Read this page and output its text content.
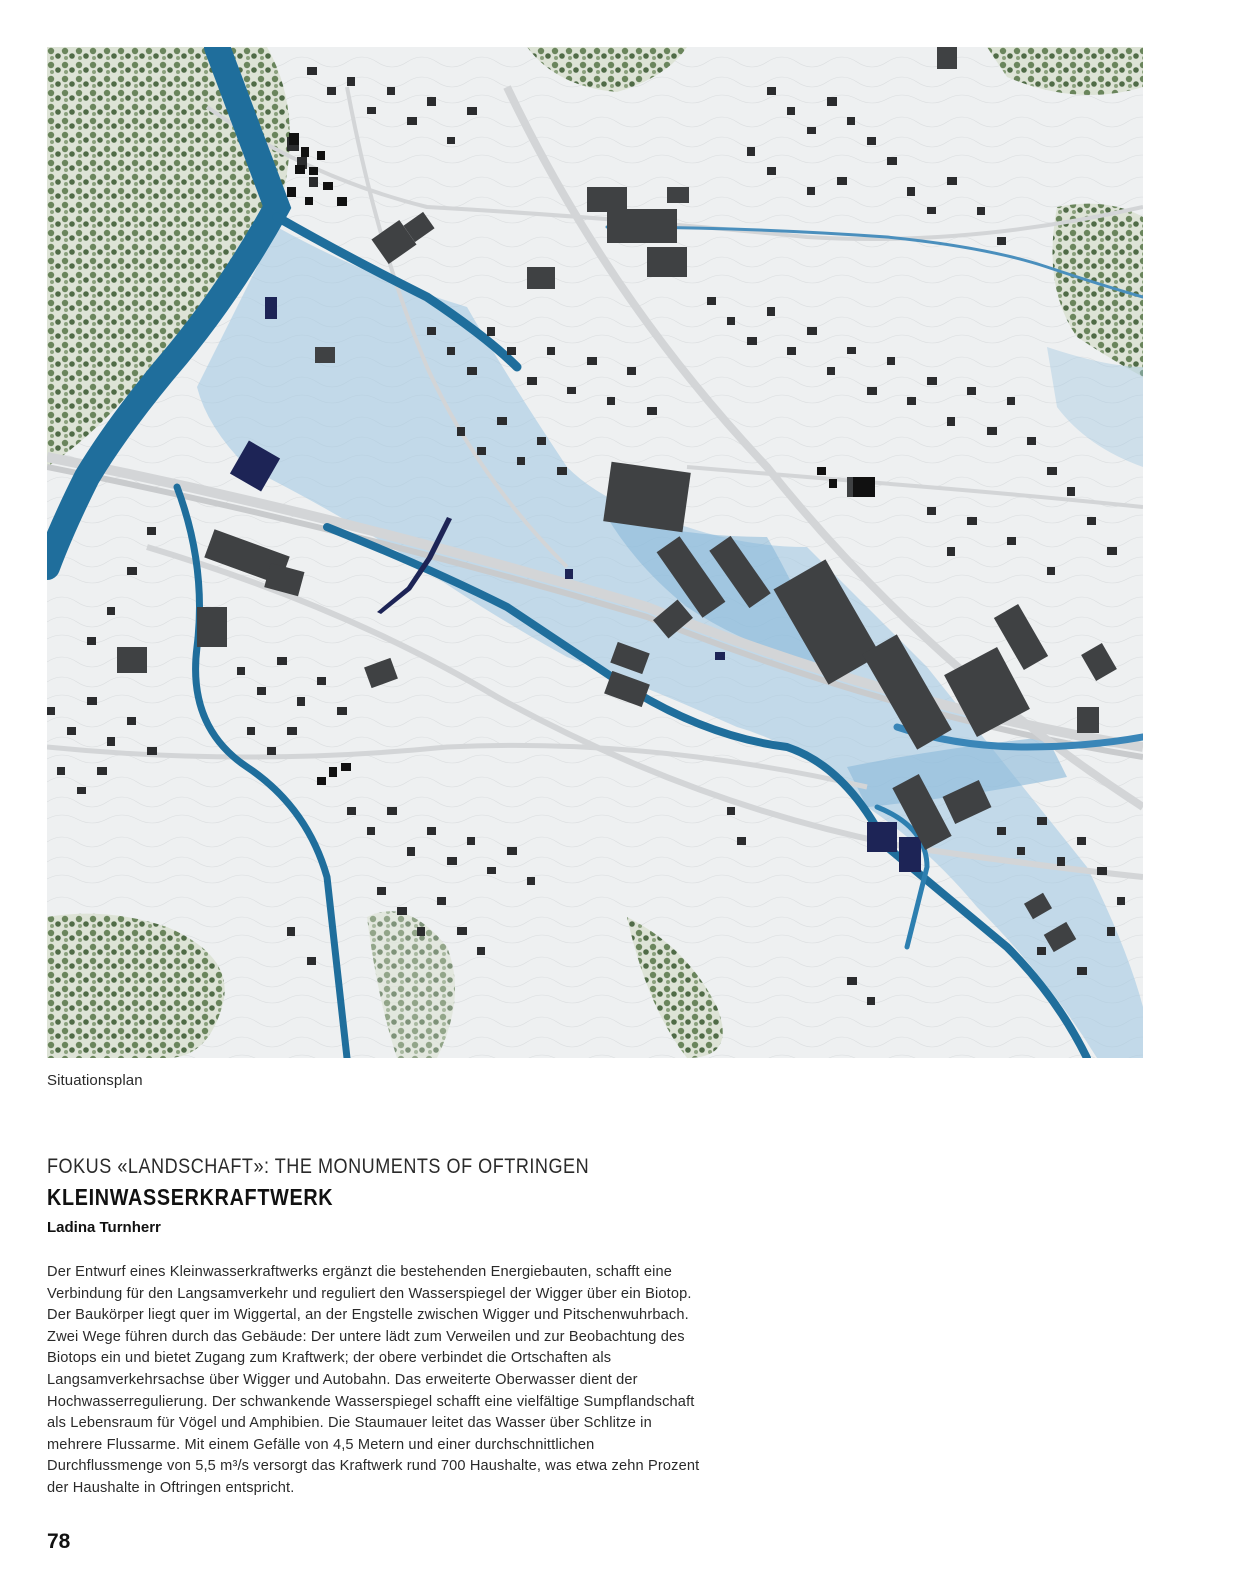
Situationsplan
FOKUS «LANDSCHAFT»: THE MONUMENTS OF OFTRINGEN
KLEINWASSERKRAFTWERK
Ladina Turnherr
Der Entwurf eines Kleinwasserkraftwerks ergänzt die bestehenden Energiebauten, schafft eine Verbindung für den Langsamverkehr und reguliert den Wasserspiegel der Wigger über ein Biotop. Der Baukörper liegt quer im Wiggertal, an der Engstelle zwischen Wigger und Pitschenwuhrbach. Zwei Wege führen durch das Gebäude: Der untere lädt zum Verweilen und zur Beobachtung des Biotops ein und bietet Zugang zum Kraftwerk; der obere verbindet die Ortschaften als Langsamverkehrsachse über Wigger und Autobahn. Das erweiterte Oberwasser dient der Hochwasserregulierung. Der schwankende Wasserspiegel schafft eine vielfältige Sumpflandschaft als Lebensraum für Vögel und Amphibien. Die Staumauer leitet das Wasser über Schlitze in mehrere Flussarme. Mit einem Gefälle von 4,5 Metern und einer durchschnittlichen Durchflussmenge von 5,5 m³/s versorgt das Kraftwerk rund 700 Haushalte, was etwa zehn Prozent der Haushalte in Oftringen entspricht.
78
